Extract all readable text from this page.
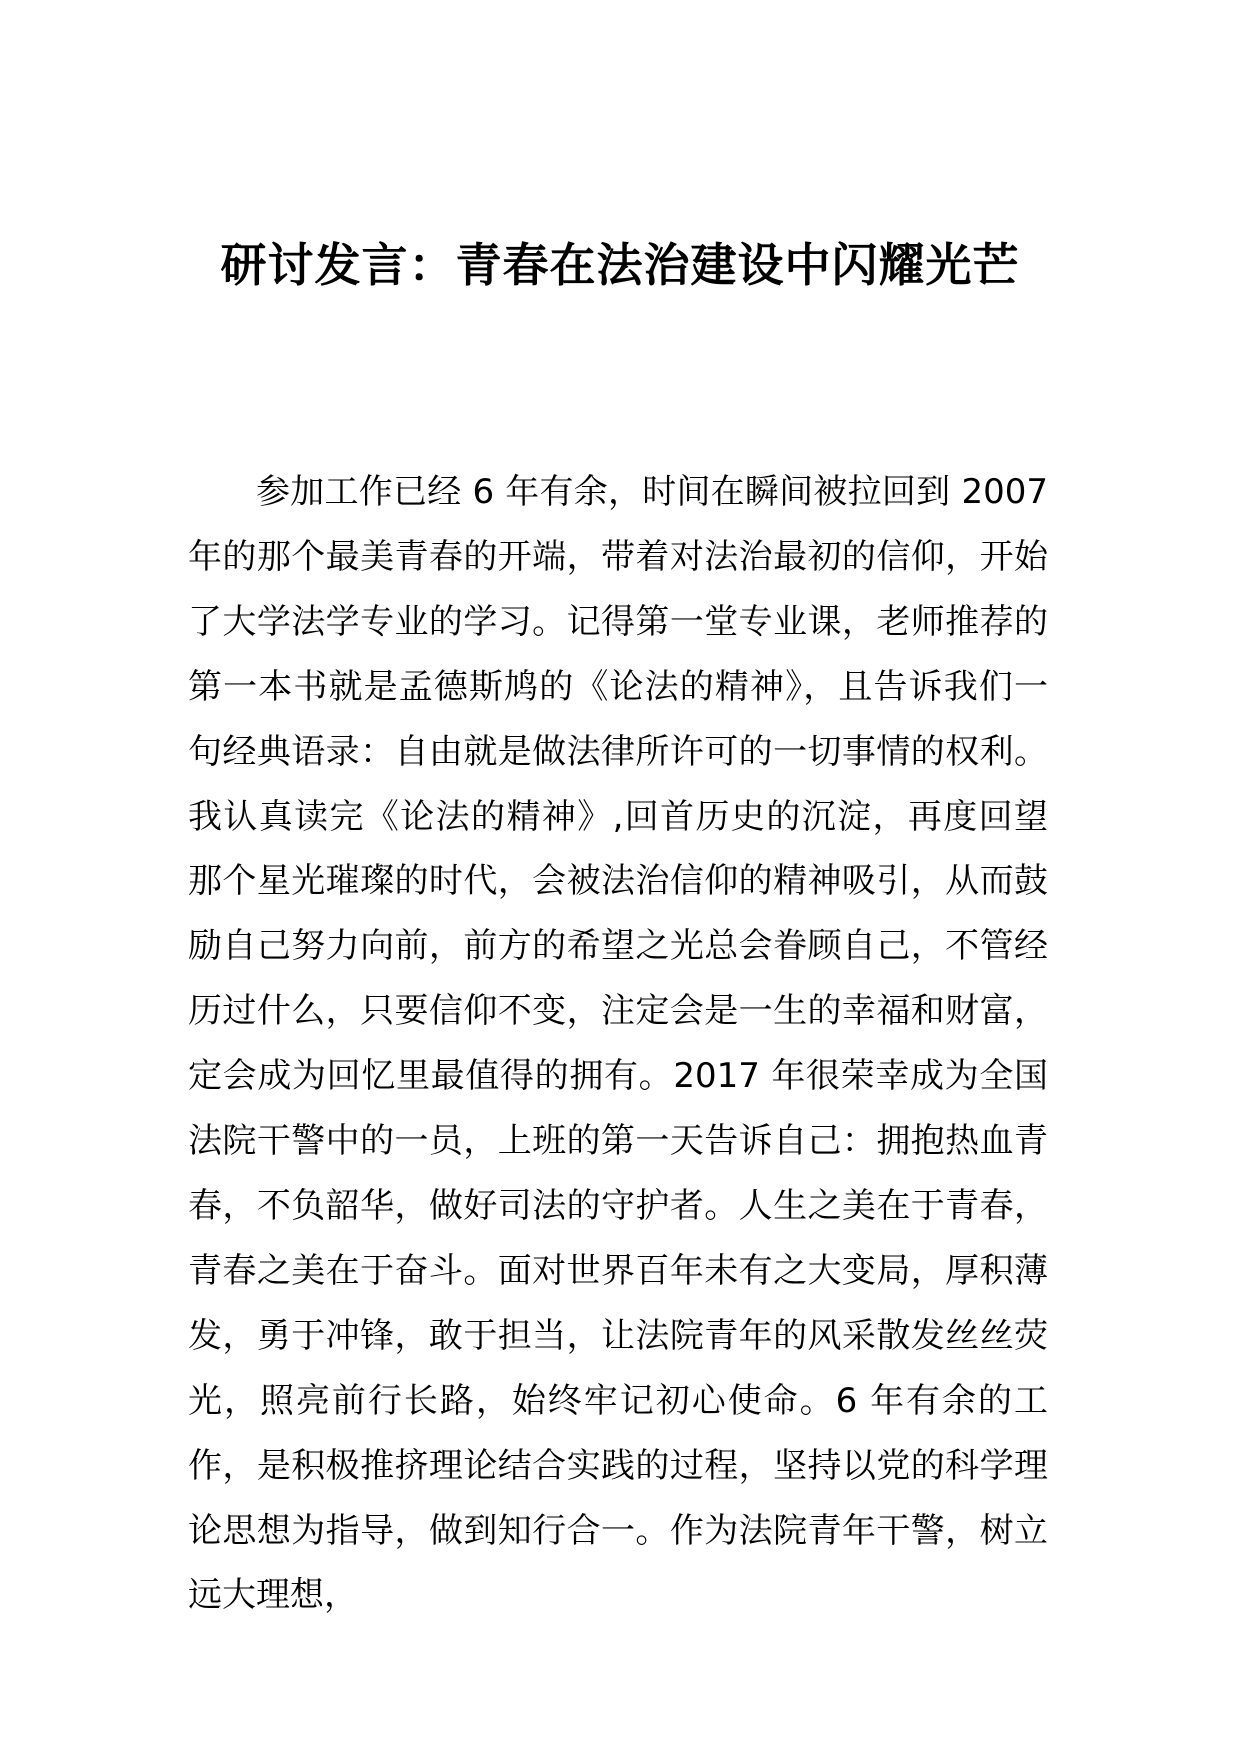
研讨发言：青春在法治建设中闪耀光芒

参加工作已经 6 年有余，时间在瞬间被拉回到 2007 年的那个最美青春的开端，带着对法治最初的信仰，开始了大学法学专业的学习。记得第一堂专业课，老师推荐的第一本书就是孟德斯鸠的《论法的精神》，且告诉我们一句经典语录：自由就是做法律所许可的一切事情的权利。我认真读完《论法的精神》,回首历史的沉淀，再度回望那个星光璀璨的时代，会被法治信仰的精神吸引，从而鼓励自己努力向前，前方的希望之光总会眷顾自己，不管经历过什么，只要信仰不变，注定会是一生的幸福和财富，定会成为回忆里最值得的拥有。2017 年很荣幸成为全国法院干警中的一员，上班的第一天告诉自己：拥抱热血青春，不负韶华，做好司法的守护者。人生之美在于青春，青春之美在于奋斗。面对世界百年未有之大变局，厚积薄发，勇于冲锋，敢于担当，让法院青年的风采散发丝丝荧光，照亮前行长路，始终牢记初心使命。6 年有余的工作，是积极推挤理论结合实践的过程，坚持以党的科学理论思想为指导，做到知行合一。作为法院青年干警，树立远大理想，
